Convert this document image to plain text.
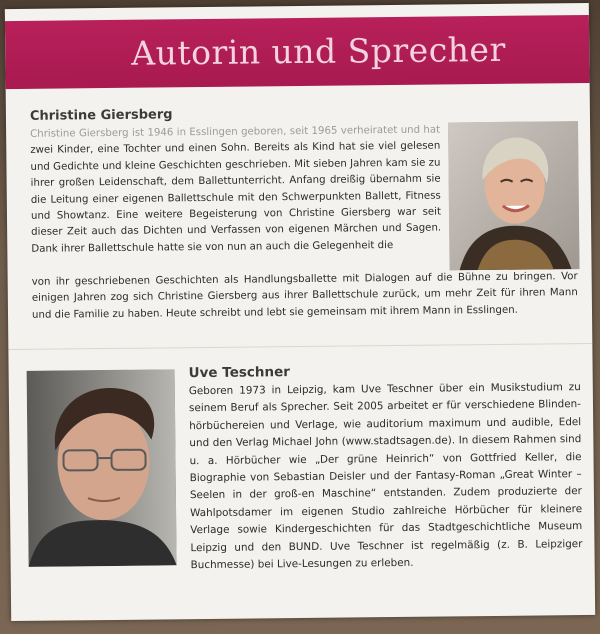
Autorin und Sprecher
Christine Giersberg

Christine Giersberg ist 1946 in Esslingen geboren, seit 1965 verheiratet und hat zwei Kinder, eine Tochter und einen Sohn. Bereits als Kind hat sie viel gelesen und Gedichte und kleine Geschichten geschrieben. Mit sieben Jahren kam sie zu ihrer großen Leidenschaft, dem Ballettunterricht. Anfang dreißig übernahm sie die Leitung einer eigenen Ballettschule mit den Schwerpunkten Ballett, Fitness und Showtanz. Eine weitere Begeisterung von Christine Giersberg war seit dieser Zeit auch das Dichten und Verfassen von eigenen Märchen und Sagen. Dank ihrer Ballettschule hatte sie von nun an auch die Gelegenheit die

von ihr geschriebenen Geschichten als Handlungsballette mit Dialogen auf die Bühne zu bringen. Vor einigen Jahren zog sich Christine Giersberg aus ihrer Ballettschule zurück, um mehr Zeit für ihren Mann und die Familie zu haben. Heute schreibt und lebt sie gemeinsam mit ihrem Mann in Esslingen.

Uve Teschner

Geboren 1973 in Leipzig, kam Uve Teschner über ein Musikstudium zu seinem Beruf als Sprecher. Seit 2005 arbeitet er für verschiedene Blinden-hörbüchereien und Verlage, wie auditorium maximum und audible, Edel und den Verlag Michael John (www.stadtsagen.de). In diesem Rahmen sind u. a. Hörbücher wie „Der grüne Heinrich“ von Gottfried Keller, die Biographie von Sebastian Deisler und der Fantasy-Roman „Great Winter – Seelen in der groß-en Maschine“ entstanden. Zudem produzierte der Wahlpotsdamer im eigenen Studio zahlreiche Hörbücher für kleinere Verlage sowie Kindergeschichten für das Stadtgeschichtliche Museum Leipzig und den BUND. Uve Teschner ist regelmäßig (z. B. Leipziger Buchmesse) bei Live-Lesungen zu erleben.
